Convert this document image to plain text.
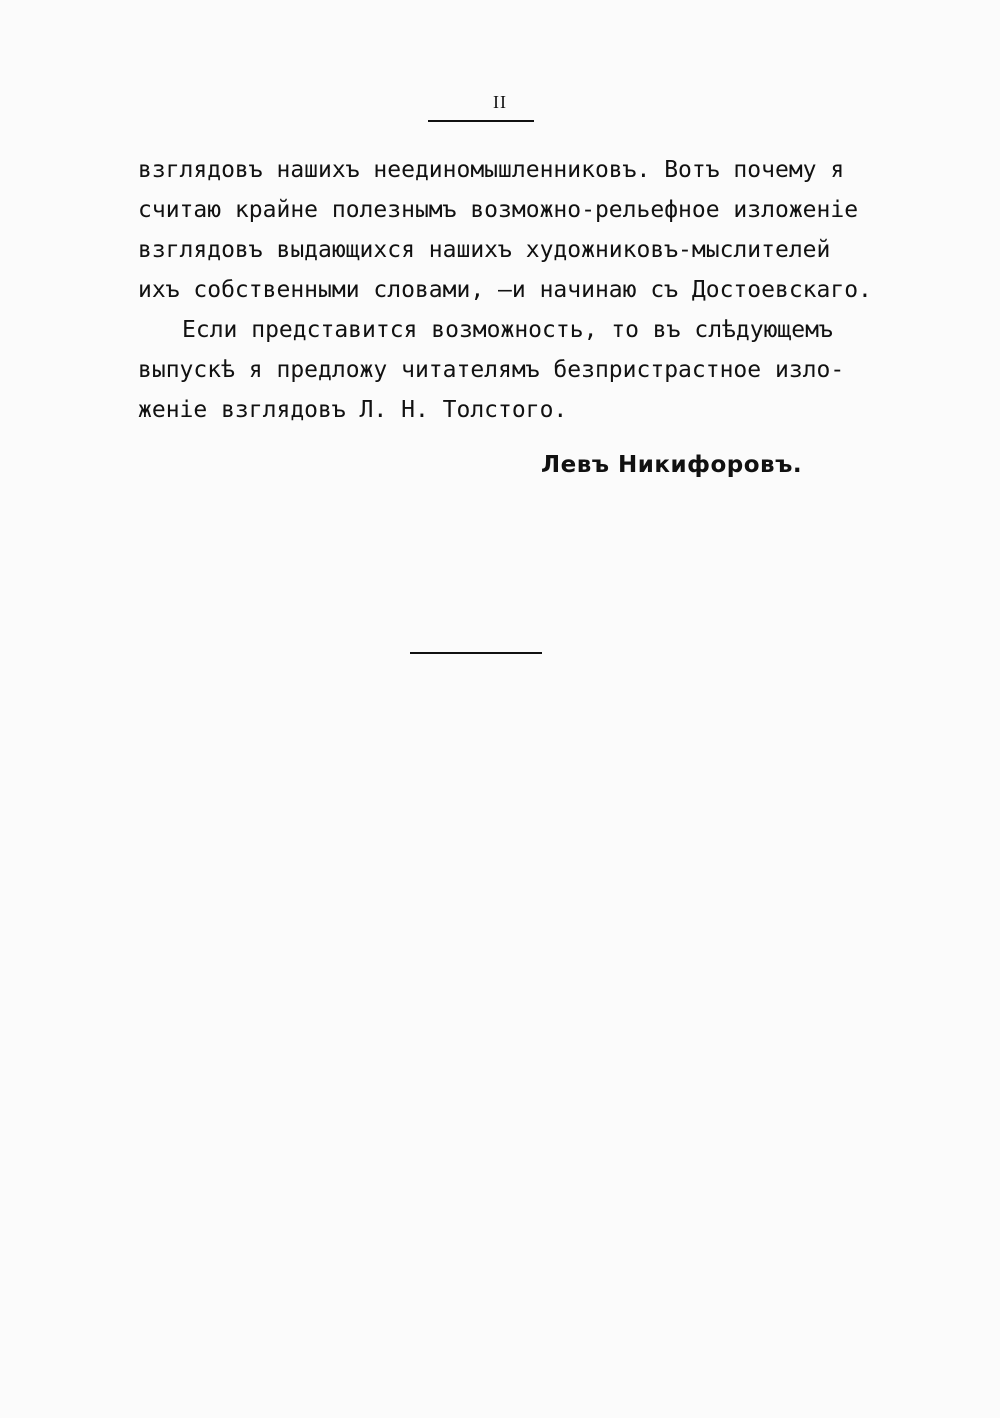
II
взглядовъ нашихъ неединомышленниковъ. Вотъ почему я
считаю крайне полезнымъ возможно-рельефное изложенiе
взглядовъ выдающихся нашихъ художниковъ-мыслителей
ихъ собственными словами, —и начинаю съ Достоевскаго.
Если представится возможность, то въ слѣдующемъ
выпускѣ я предложу читателямъ безпристрастное изло-
женiе взглядовъ Л. Н. Толстого.
Левъ Никифоровъ.
